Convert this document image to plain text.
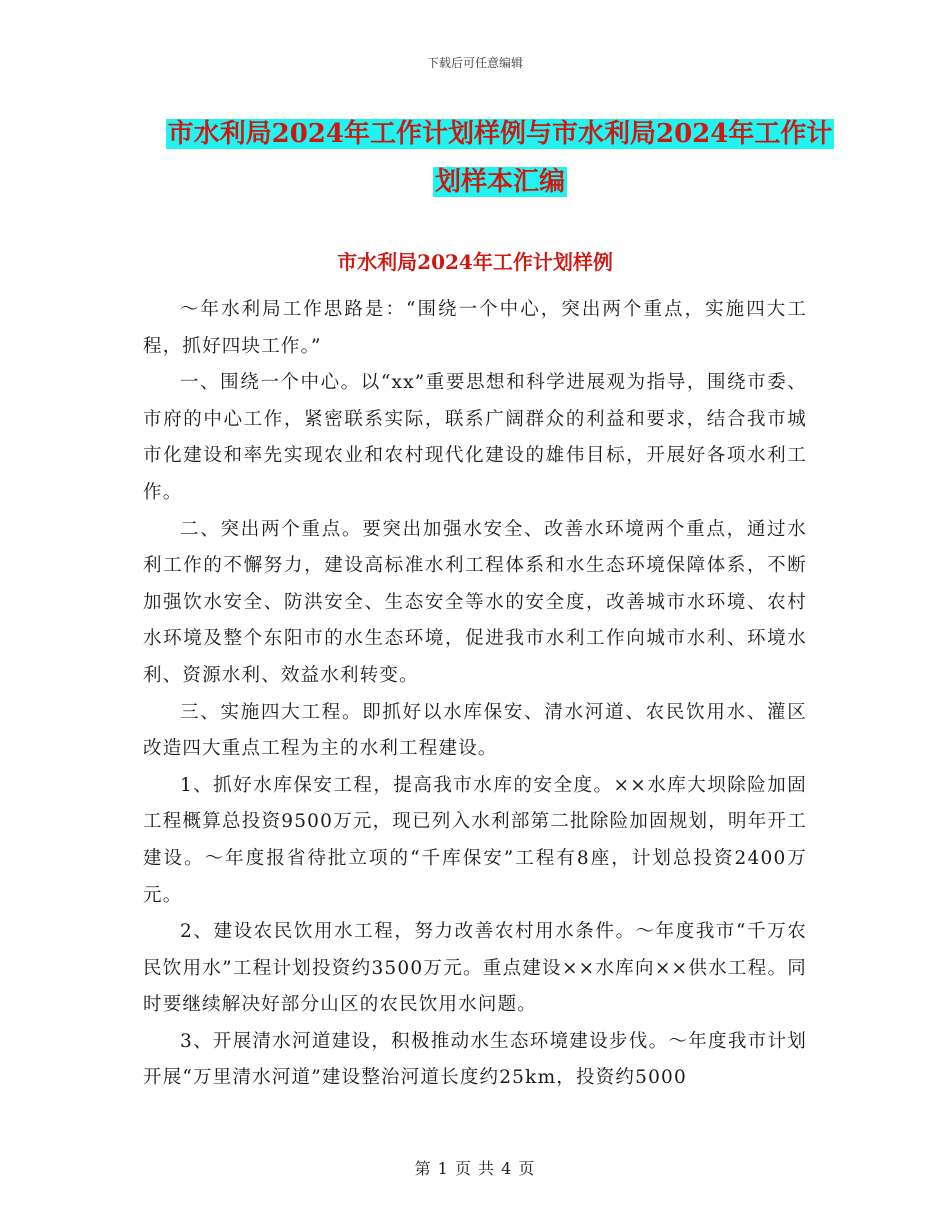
下载后可任意编辑
市水利局2024年工作计划样例与市水利局2024年工作计划样本汇编
市水利局2024年工作计划样例

～年水利局工作思路是：“围绕一个中心，突出两个重点，实施四大工程，抓好四块工作。”

一、围绕一个中心。以“xx”重要思想和科学进展观为指导，围绕市委、市府的中心工作，紧密联系实际，联系广阔群众的利益和要求，结合我市城市化建设和率先实现农业和农村现代化建设的雄伟目标，开展好各项水利工作。

二、突出两个重点。要突出加强水安全、改善水环境两个重点，通过水利工作的不懈努力，建设高标准水利工程体系和水生态环境保障体系，不断加强饮水安全、防洪安全、生态安全等水的安全度，改善城市水环境、农村水环境及整个东阳市的水生态环境，促进我市水利工作向城市水利、环境水利、资源水利、效益水利转变。

三、实施四大工程。即抓好以水库保安、清水河道、农民饮用水、灌区改造四大重点工程为主的水利工程建设。

1、抓好水库保安工程，提高我市水库的安全度。××水库大坝除险加固工程概算总投资9500万元，现已列入水利部第二批除险加固规划，明年开工建设。～年度报省待批立项的“千库保安”工程有8座，计划总投资2400万元。

2、建设农民饮用水工程，努力改善农村用水条件。～年度我市“千万农民饮用水”工程计划投资约3500万元。重点建设××水库向××供水工程。同时要继续解决好部分山区的农民饮用水问题。

3、开展清水河道建设，积极推动水生态环境建设步伐。～年度我市计划开展“万里清水河道”建设整治河道长度约25km，投资约5000

第 1 页 共 4 页
